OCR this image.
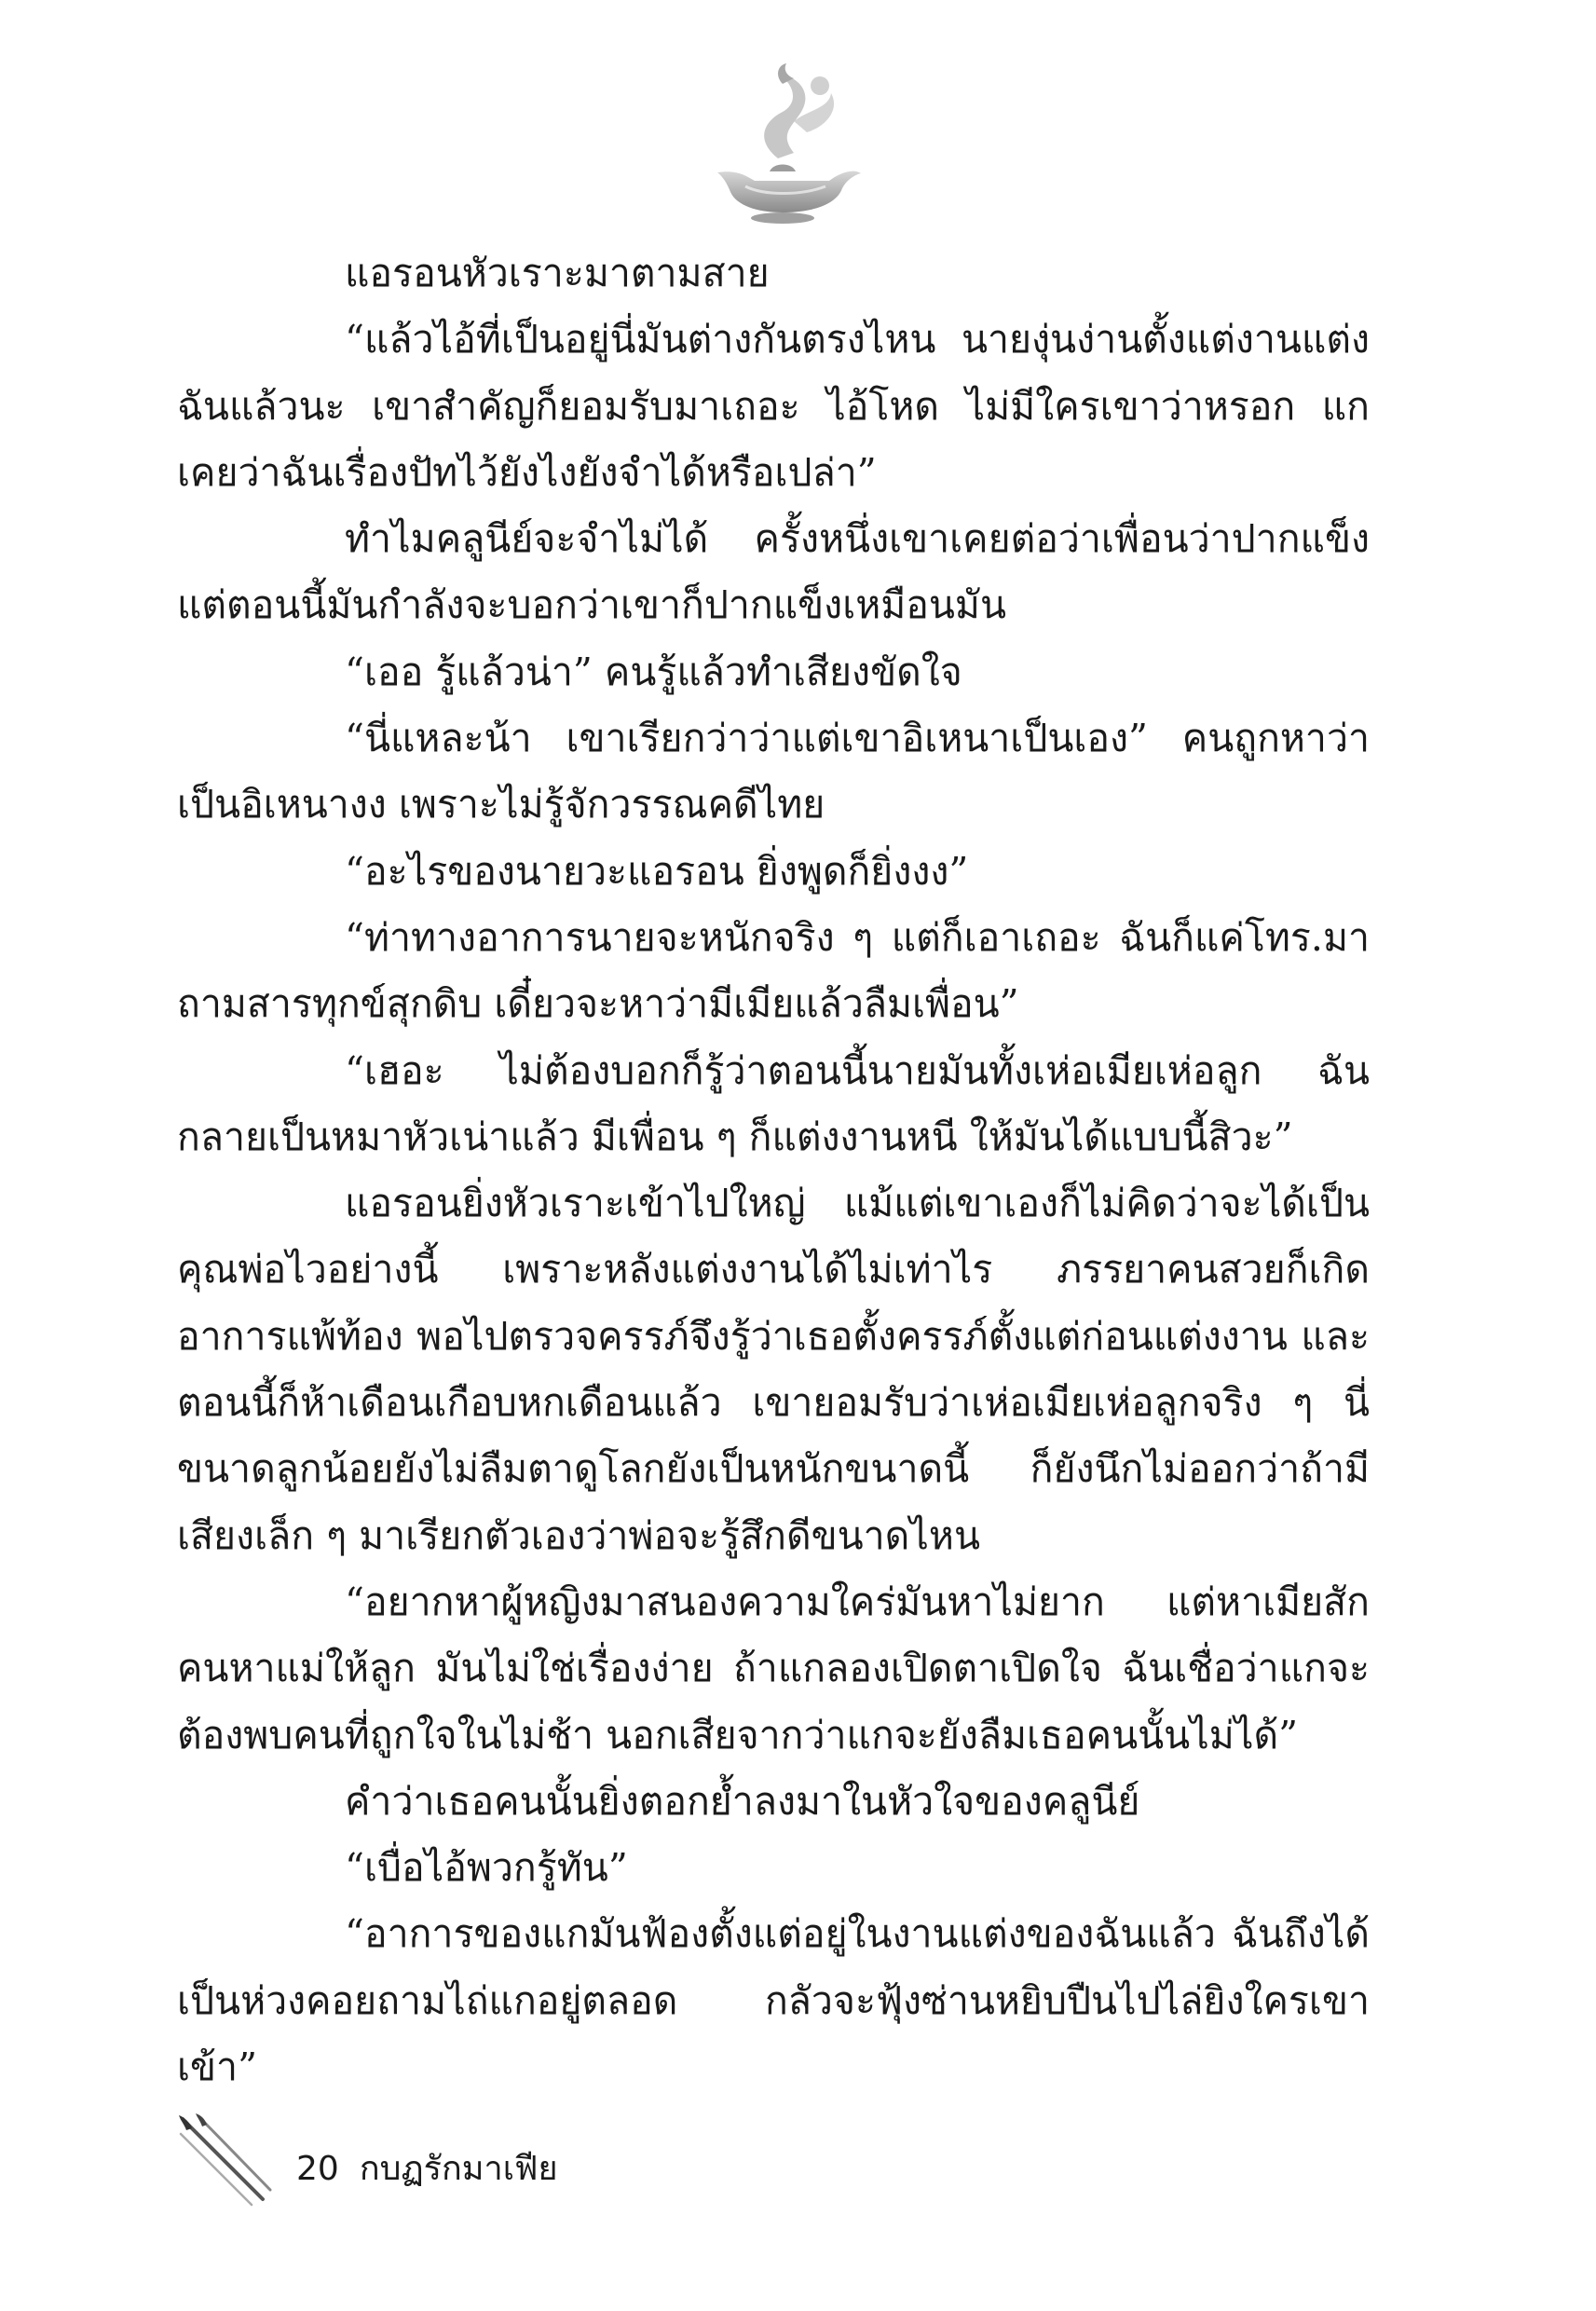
แอรอนหัวเราะมาตามสาย

“แล้วไอ้ที่เป็นอยู่นี่มันต่างกันตรงไหน นายงุ่นง่านตั้งแต่งานแต่งฉันแล้วนะ เขาสำคัญก็ยอมรับมาเถอะ ไอ้โหด ไม่มีใครเขาว่าหรอก แกเคยว่าฉันเรื่องปัทไว้ยังไงยังจำได้หรือเปล่า”

ทำไมคลูนีย์จะจำไม่ได้ ครั้งหนึ่งเขาเคยต่อว่าเพื่อนว่าปากแข็ง แต่ตอนนี้มันกำลังจะบอกว่าเขาก็ปากแข็งเหมือนมัน

“เออ รู้แล้วน่า” คนรู้แล้วทำเสียงขัดใจ

“นี่แหละน้า เขาเรียกว่าว่าแต่เขาอิเหนาเป็นเอง” คนถูกหาว่าเป็นอิเหนางง เพราะไม่รู้จักวรรณคดีไทย

“อะไรของนายวะแอรอน ยิ่งพูดก็ยิ่งงง”

“ท่าทางอาการนายจะหนักจริง ๆ แต่ก็เอาเถอะ ฉันก็แค่โทร.มาถามสารทุกข์สุกดิบ เดี๋ยวจะหาว่ามีเมียแล้วลืมเพื่อน”

“เฮอะ ไม่ต้องบอกก็รู้ว่าตอนนี้นายมันทั้งเห่อเมียเห่อลูก ฉันกลายเป็นหมาหัวเน่าแล้ว มีเพื่อน ๆ ก็แต่งงานหนี ให้มันได้แบบนี้สิวะ”

แอรอนยิ่งหัวเราะเข้าไปใหญ่ แม้แต่เขาเองก็ไม่คิดว่าจะได้เป็นคุณพ่อไวอย่างนี้ เพราะหลังแต่งงานได้ไม่เท่าไร ภรรยาคนสวยก็เกิดอาการแพ้ท้อง พอไปตรวจครรภ์จึงรู้ว่าเธอตั้งครรภ์ตั้งแต่ก่อนแต่งงาน และตอนนี้ก็ห้าเดือนเกือบหกเดือนแล้ว เขายอมรับว่าเห่อเมียเห่อลูกจริง ๆ นี่ขนาดลูกน้อยยังไม่ลืมตาดูโลกยังเป็นหนักขนาดนี้ ก็ยังนึกไม่ออกว่าถ้ามีเสียงเล็ก ๆ มาเรียกตัวเองว่าพ่อจะรู้สึกดีขนาดไหน

“อยากหาผู้หญิงมาสนองความใคร่มันหาไม่ยาก แต่หาเมียสักคนหาแม่ให้ลูก มันไม่ใช่เรื่องง่าย ถ้าแกลองเปิดตาเปิดใจ ฉันเชื่อว่าแกจะต้องพบคนที่ถูกใจในไม่ช้า นอกเสียจากว่าแกจะยังลืมเธอคนนั้นไม่ได้”

คำว่าเธอคนนั้นยิ่งตอกย้ำลงมาในหัวใจของคลูนีย์

“เบื่อไอ้พวกรู้ทัน”

“อาการของแกมันฟ้องตั้งแต่อยู่ในงานแต่งของฉันแล้ว ฉันถึงได้เป็นห่วงคอยถามไถ่แกอยู่ตลอด กลัวจะฟุ้งซ่านหยิบปืนไปไล่ยิงใครเขาเข้า”

20 กบฏรักมาเฟีย
